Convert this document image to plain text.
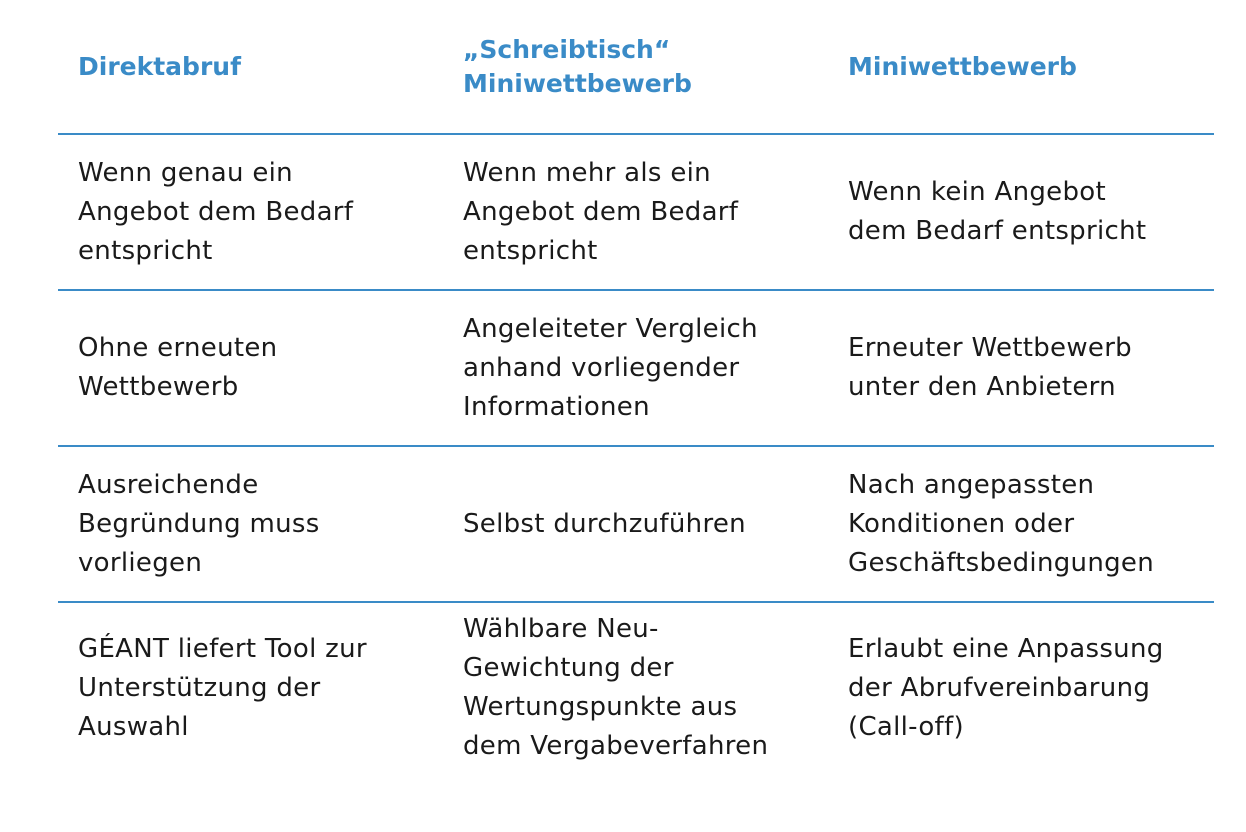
Direktabruf
„Schreibtisch“
Miniwettbewerb
Miniwettbewerb
Wenn genau ein
Angebot dem Bedarf
entspricht
Wenn mehr als ein
Angebot dem Bedarf
entspricht
Wenn kein Angebot
dem Bedarf entspricht
Ohne erneuten
Wettbewerb
Angeleiteter Vergleich
anhand vorliegender
Informationen
Erneuter Wettbewerb
unter den Anbietern
Ausreichende
Begründung muss
vorliegen
Selbst durchzuführen
Nach angepassten
Konditionen oder
Geschäftsbedingungen
GÉANT liefert Tool zur
Unterstützung der
Auswahl
Wählbare Neu-
Gewichtung der
Wertungspunkte aus
dem Vergabeverfahren
Erlaubt eine Anpassung
der Abrufvereinbarung
(Call-off)
